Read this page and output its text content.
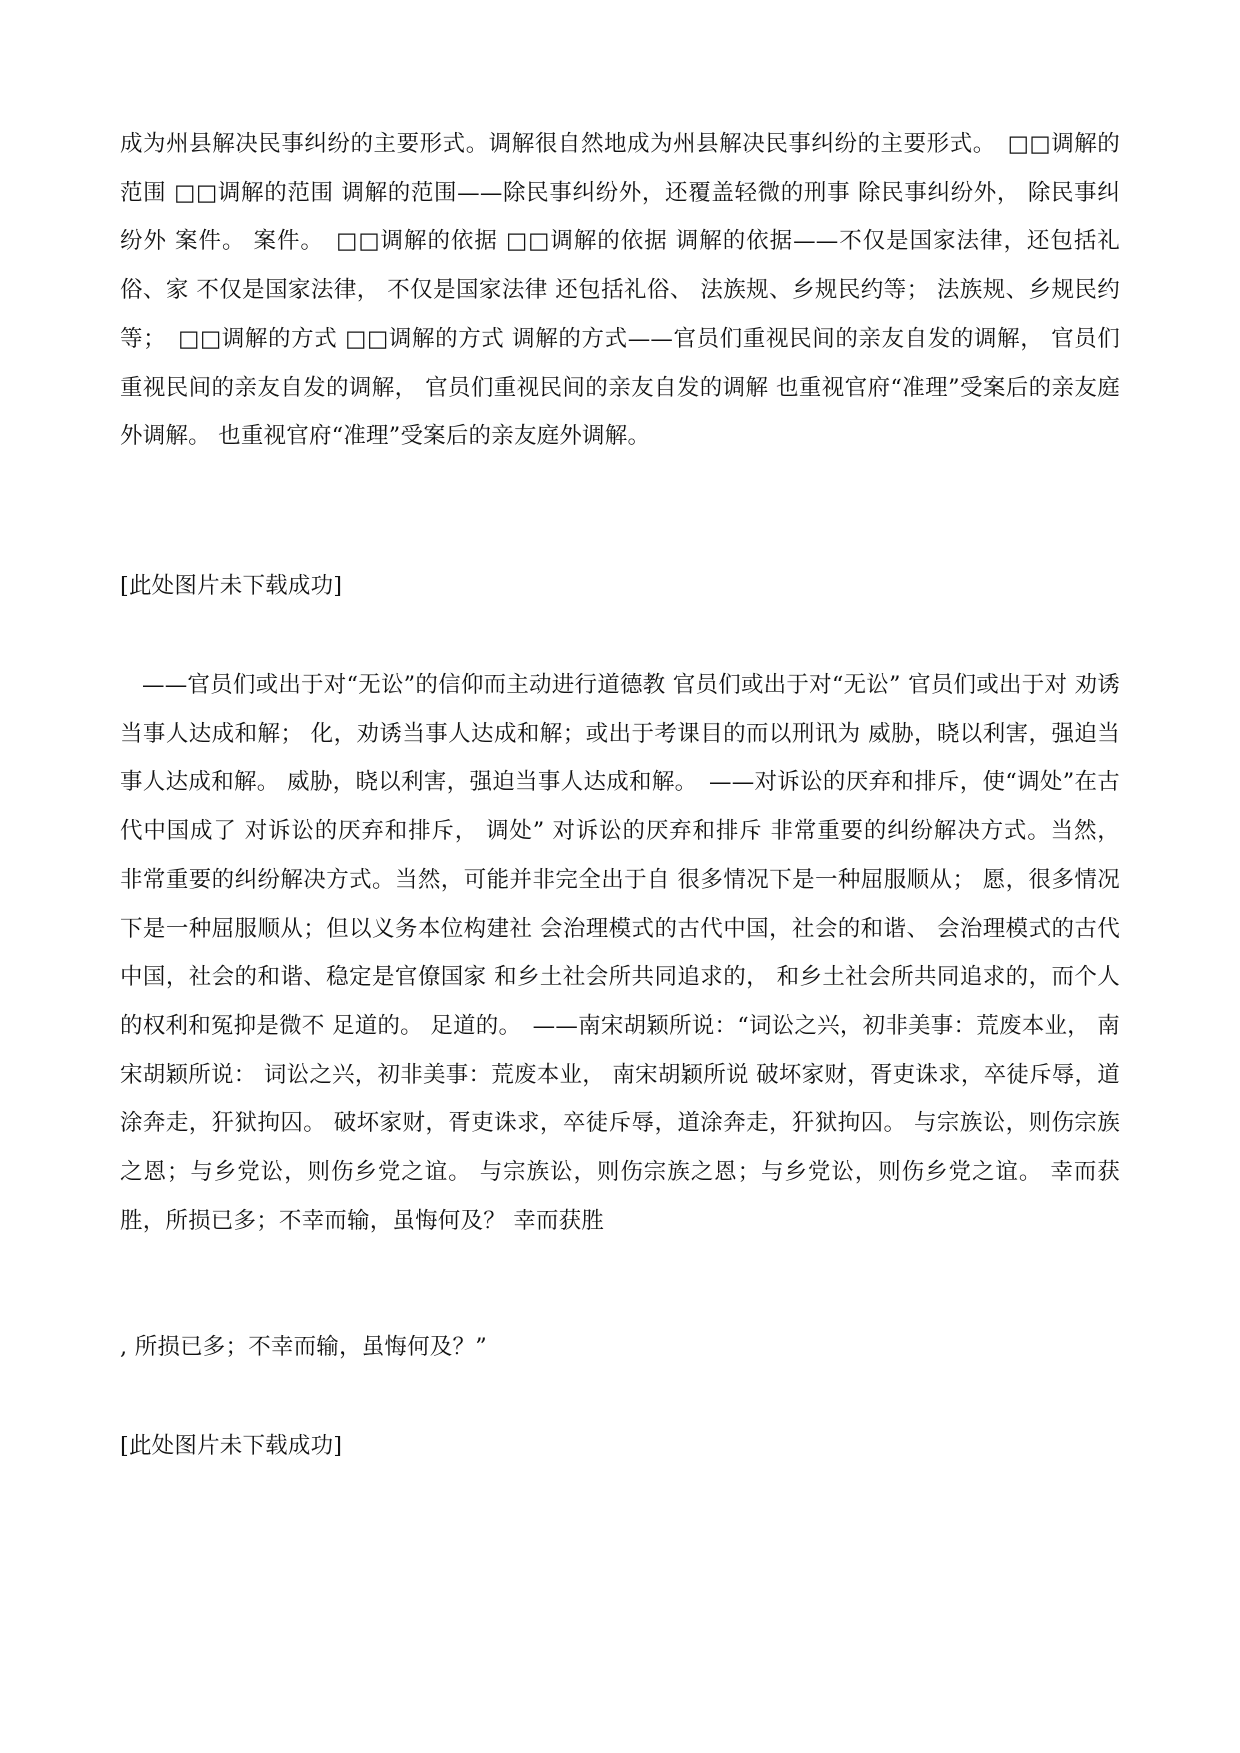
成为州县解决民事纠纷的主要形式。调解很自然地成为州县解决民事纠纷的主要形式。　□□调解的范围 □□调解的范围 调解的范围——除民事纠纷外，还覆盖轻微的刑事 除民事纠纷外， 除民事纠纷外 案件。 案件。　□□调解的依据 □□调解的依据 调解的依据——不仅是国家法律，还包括礼俗、家 不仅是国家法律， 不仅是国家法律 还包括礼俗、 法族规、乡规民约等； 法族规、乡规民约等；　□□调解的方式 □□调解的方式 调解的方式——官员们重视民间的亲友自发的调解， 官员们重视民间的亲友自发的调解， 官员们重视民间的亲友自发的调解 也重视官府“准理”受案后的亲友庭外调解。 也重视官府“准理”受案后的亲友庭外调解。

[此处图片未下载成功]

——官员们或出于对“无讼”的信仰而主动进行道德教 官员们或出于对“无讼” 官员们或出于对 劝诱当事人达成和解； 化，劝诱当事人达成和解；或出于考课目的而以刑讯为 威胁，晓以利害，强迫当事人达成和解。 威胁，晓以利害，强迫当事人达成和解。　——对诉讼的厌弃和排斥，使“调处”在古代中国成了 对诉讼的厌弃和排斥， 调处” 对诉讼的厌弃和排斥 非常重要的纠纷解决方式。当然， 非常重要的纠纷解决方式。当然，可能并非完全出于自 很多情况下是一种屈服顺从； 愿，很多情况下是一种屈服顺从；但以义务本位构建社 会治理模式的古代中国，社会的和谐、 会治理模式的古代中国，社会的和谐、稳定是官僚国家 和乡土社会所共同追求的， 和乡土社会所共同追求的，而个人的权利和冤抑是微不 足道的。 足道的。　——南宋胡颖所说：“词讼之兴，初非美事：荒废本业， 南宋胡颖所说： 词讼之兴，初非美事：荒废本业， 南宋胡颖所说 破坏家财，胥吏诛求，卒徒斥辱，道涂奔走，犴狱拘囚。 破坏家财，胥吏诛求，卒徒斥辱，道涂奔走，犴狱拘囚。 与宗族讼，则伤宗族之恩；与乡党讼，则伤乡党之谊。 与宗族讼，则伤宗族之恩；与乡党讼，则伤乡党之谊。 幸而获胜，所损已多；不幸而输，虽悔何及？ 幸而获胜

, 所损已多；不幸而输，虽悔何及？”

[此处图片未下载成功]
